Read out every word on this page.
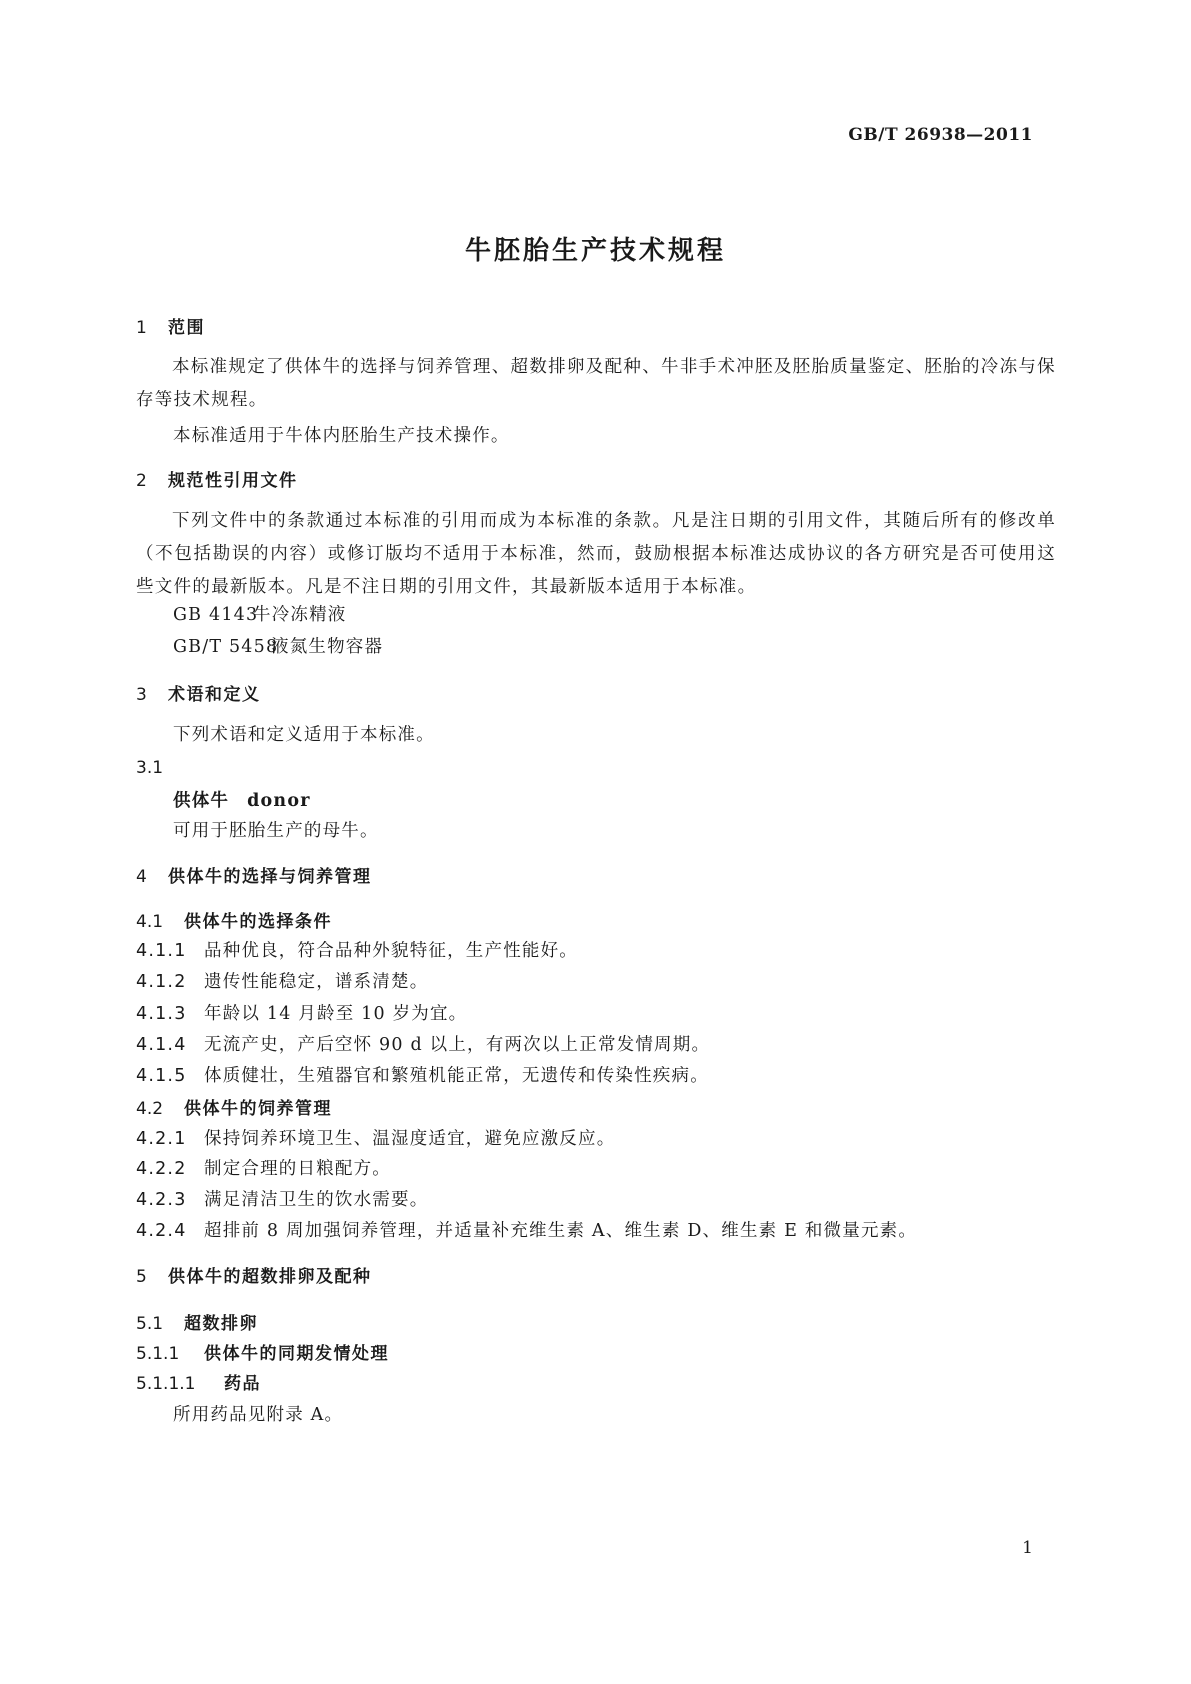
GB/T 26938—2011
牛胚胎生产技术规程
1 范围
本标准规定了供体牛的选择与饲养管理、超数排卵及配种、牛非手术冲胚及胚胎质量鉴定、胚胎的冷冻与保存等技术规程。
本标准适用于牛体内胚胎生产技术操作。
2 规范性引用文件
下列文件中的条款通过本标准的引用而成为本标准的条款。凡是注日期的引用文件，其随后所有的修改单（不包括勘误的内容）或修订版均不适用于本标准，然而，鼓励根据本标准达成协议的各方研究是否可使用这些文件的最新版本。凡是不注日期的引用文件，其最新版本适用于本标准。
GB 4143牛冷冻精液
GB/T 5458液氮生物容器
3 术语和定义
下列术语和定义适用于本标准。
3.1
供体牛 donor
可用于胚胎生产的母牛。
4 供体牛的选择与饲养管理
4.1 供体牛的选择条件
4.1.1 品种优良，符合品种外貌特征，生产性能好。
4.1.2 遗传性能稳定，谱系清楚。
4.1.3 年龄以 14 月龄至 10 岁为宜。
4.1.4 无流产史，产后空怀 90 d 以上，有两次以上正常发情周期。
4.1.5 体质健壮，生殖器官和繁殖机能正常，无遗传和传染性疾病。
4.2 供体牛的饲养管理
4.2.1 保持饲养环境卫生、温湿度适宜，避免应激反应。
4.2.2 制定合理的日粮配方。
4.2.3 满足清洁卫生的饮水需要。
4.2.4 超排前 8 周加强饲养管理，并适量补充维生素 A、维生素 D、维生素 E 和微量元素。
5 供体牛的超数排卵及配种
5.1 超数排卵
5.1.1 供体牛的同期发情处理
5.1.1.1 药品
所用药品见附录 A。
1
